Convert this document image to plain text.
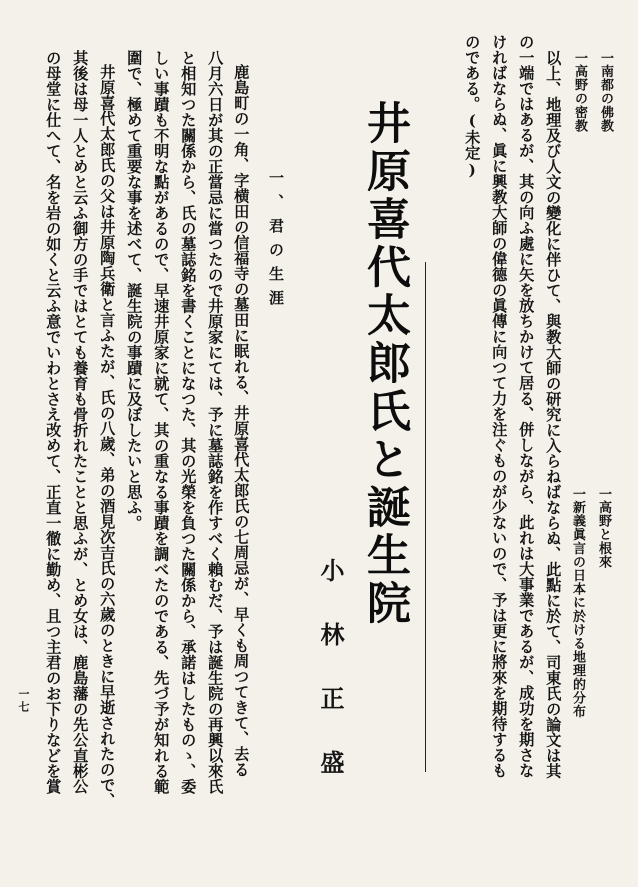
一南都の佛教
一高野の密教
一高野と根來
一新義眞言の日本に於ける地理的分布
以上、地理及び人文の變化に伴ひて、與教大師の研究に入らねばならぬ、此點に於て、司東氏の論文は其
の一端ではあるが、其の向ふ處に矢を放ちかけて居る、併しながら、此れは大事業であるが、成功を期さな
ければならぬ、眞に興教大師の偉德の眞傳に向つて力を注ぐものが少ないので、予は更に將來を期待するも
のである。(未定)
井原喜代太郎氏と誕生院
小林正盛
一、君の生涯
鹿島町の一角、字横田の信福寺の墓田に眠れる、井原喜代太郎氏の七周忌が、早くも周つてきて、去る
八月六日が其の正當忌に當つたので井原家にては、予に墓誌銘を作すべく賴むだ、予は誕生院の再興以來氏
と相知つた關係から、氏の墓誌銘を書くことになつた、其の光榮を負つた關係から、承諾はしたものゝ、委
しい事蹟も不明な點があるので、早速井原家に就て、其の重なる事蹟を調べたのである、先づ予が知れる範
圍で、極めて重要な事を述べて、誕生院の事蹟に及ぼしたいと思ふ。
井原喜代太郎氏の父は井原陶兵衛と言ふたが、氏の八歲、弟の酒見次吉氏の六歲のときに早逝されたので、
其後は母一人とめと云ふ御方の手ではとても養育も骨折れたことと思ふが、とめ女は、鹿島藩の先公直彬公
の母堂に仕へて、名を岩の如くと云ふ意でいわとさえ改めて、正直一徹に勤め、且つ主君のお下りなどを賞
一七
